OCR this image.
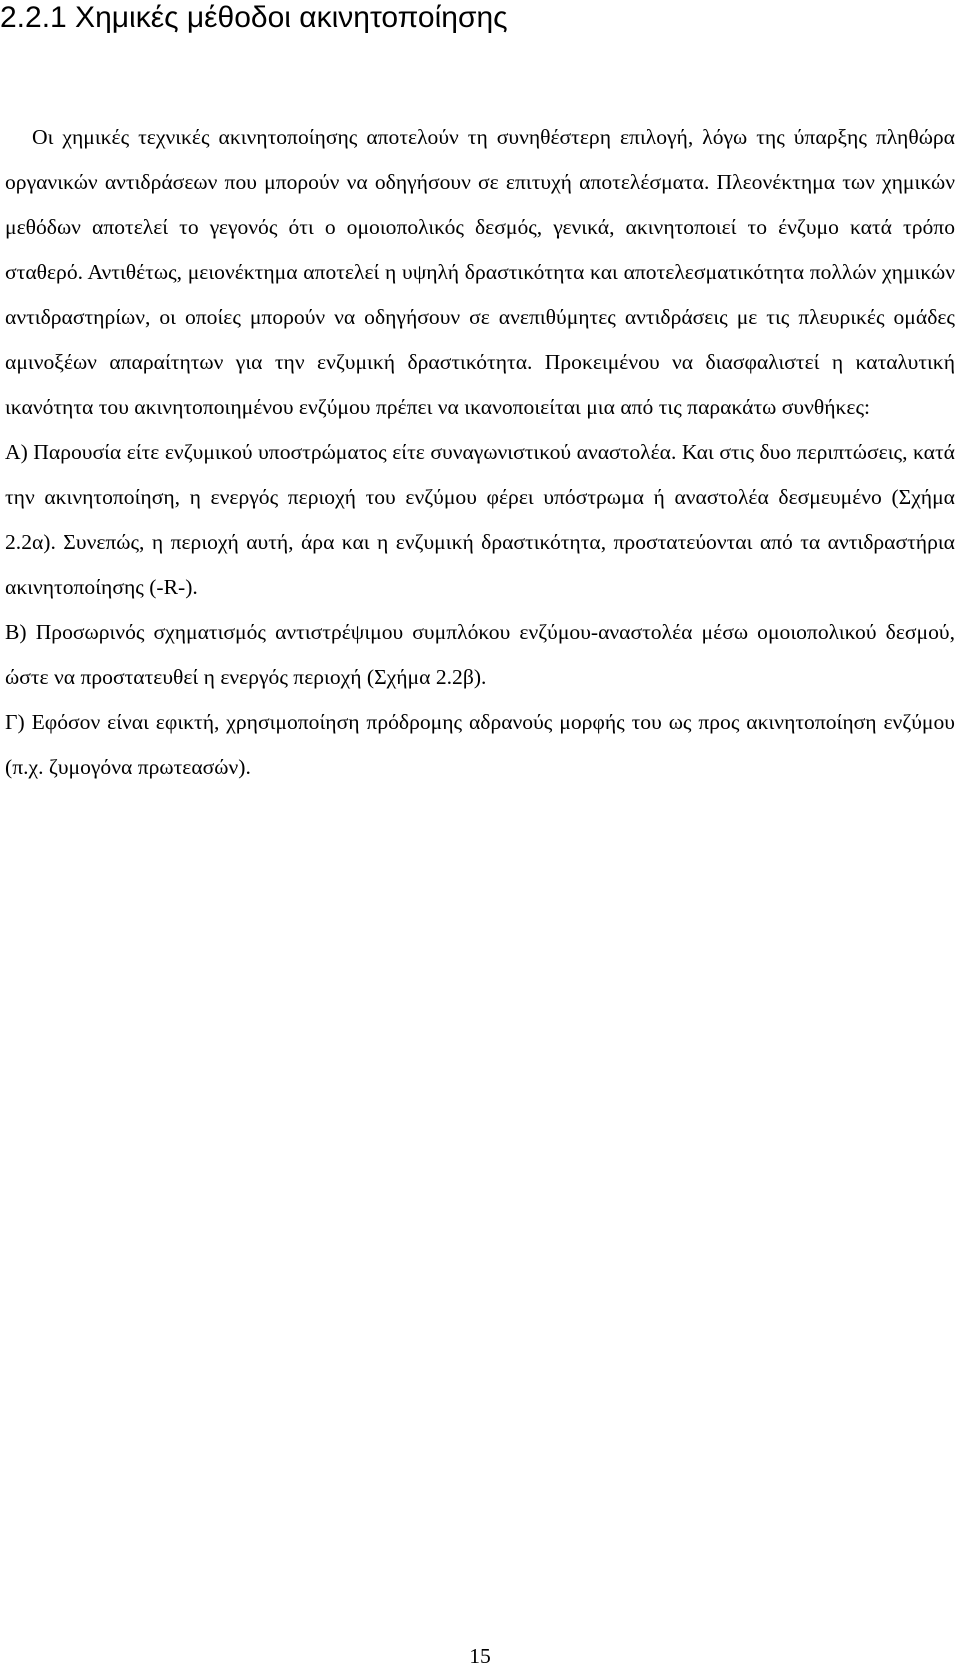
2.2.1 Χημικές μέθοδοι ακινητοποίησης

Οι χημικές τεχνικές ακινητοποίησης αποτελούν τη συνηθέστερη επιλογή, λόγω της ύπαρξης πληθώρα οργανικών αντιδράσεων που μπορούν να οδηγήσουν σε επιτυχή αποτελέσματα. Πλεονέκτημα των χημικών μεθόδων αποτελεί το γεγονός ότι ο ομοιοπολικός δεσμός, γενικά, ακινητοποιεί το ένζυμο κατά τρόπο σταθερό. Αντιθέτως, μειονέκτημα αποτελεί η υψηλή δραστικότητα και αποτελεσματικότητα πολλών χημικών αντιδραστηρίων, οι οποίες μπορούν να οδηγήσουν σε ανεπιθύμητες αντιδράσεις με τις πλευρικές ομάδες αμινοξέων απαραίτητων για την ενζυμική δραστικότητα. Προκειμένου να διασφαλιστεί η καταλυτική ικανότητα του ακινητοποιημένου ενζύμου πρέπει να ικανοποιείται μια από τις παρακάτω συνθήκες:

Α) Παρουσία είτε ενζυμικού υποστρώματος είτε συναγωνιστικού αναστολέα. Και στις δυο περιπτώσεις, κατά την ακινητοποίηση, η ενεργός περιοχή του ενζύμου φέρει υπόστρωμα ή αναστολέα δεσμευμένο (Σχήμα 2.2α). Συνεπώς, η περιοχή αυτή, άρα και η ενζυμική δραστικότητα, προστατεύονται από τα αντιδραστήρια ακινητοποίησης (-R-).

Β) Προσωρινός σχηματισμός αντιστρέψιμου συμπλόκου ενζύμου-αναστολέα μέσω ομοιοπολικού δεσμού, ώστε να προστατευθεί η ενεργός περιοχή (Σχήμα 2.2β).

Γ) Εφόσον είναι εφικτή, χρησιμοποίηση πρόδρομης αδρανούς μορφής του ως προς ακινητοποίηση ενζύμου (π.χ. ζυμογόνα πρωτεασών).

15
